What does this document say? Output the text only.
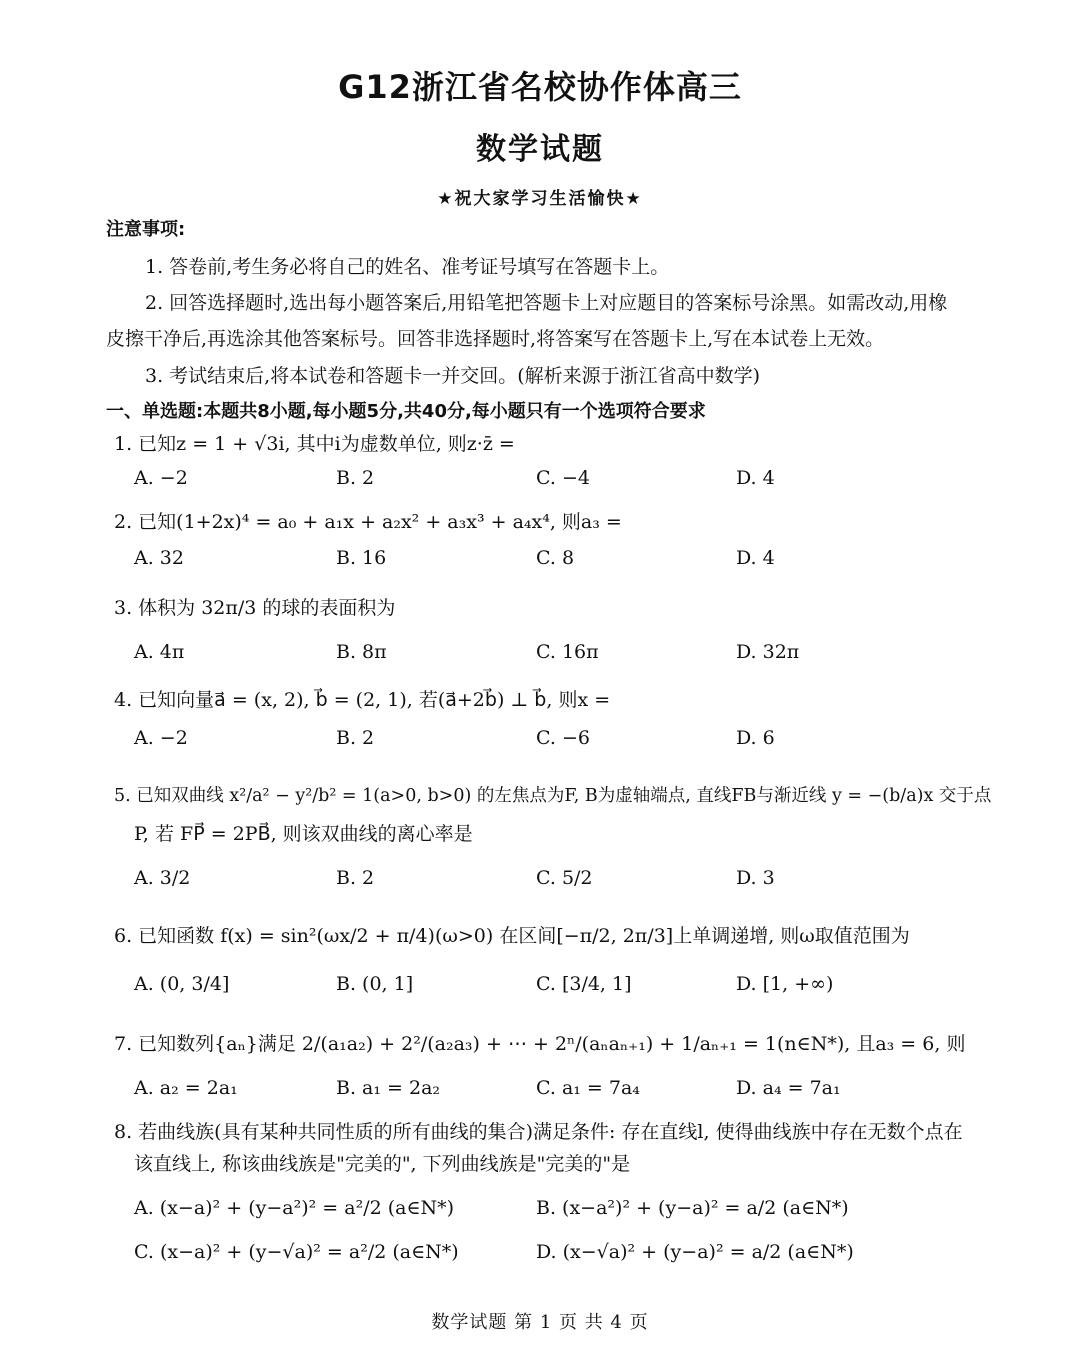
G12浙江省名校协作体高三
数学试题
★祝大家学习生活愉快★
注意事项:
1. 答卷前,考生务必将自己的姓名、准考证号填写在答题卡上。
2. 回答选择题时,选出每小题答案后,用铅笔把答题卡上对应题目的答案标号涂黑。如需改动,用橡
皮擦干净后,再选涂其他答案标号。回答非选择题时,将答案写在答题卡上,写在本试卷上无效。
3. 考试结束后,将本试卷和答题卡一并交回。(解析来源于浙江省高中数学)
一、单选题:本题共8小题,每小题5分,共40分,每小题只有一个选项符合要求
1. 已知z = 1 + √3i, 其中i为虚数单位, 则z·z̄ =
A. −2	B. 2	C. −4	D. 4
2. 已知(1+2x)⁴ = a₀ + a₁x + a₂x² + a₃x³ + a₄x⁴, 则a₃ =
A. 32	B. 16	C. 8	D. 4
3. 体积为 32π/3 的球的表面积为
A. 4π	B. 8π	C. 16π	D. 32π
4. 已知向量a⃗ = (x, 2), b⃗ = (2, 1), 若(a⃗+2b⃗) ⊥ b⃗, 则x =
A. −2	B. 2	C. −6	D. 6
5. 已知双曲线 x²/a² − y²/b² = 1(a>0, b>0) 的左焦点为F, B为虚轴端点, 直线FB与渐近线 y = −(b/a)x 交于点
P, 若 FP⃗ = 2PB⃗, 则该双曲线的离心率是
A. 3/2	B. 2	C. 5/2	D. 3
6. 已知函数 f(x) = sin²(ωx/2 + π/4)(ω>0) 在区间[−π/2, 2π/3]上单调递增, 则ω取值范围为
A. (0, 3/4]	B. (0, 1]	C. [3/4, 1]	D. [1, +∞)
7. 已知数列{aₙ}满足 2/(a₁a₂) + 2²/(a₂a₃) + ⋯ + 2ⁿ/(aₙaₙ₊₁) + 1/aₙ₊₁ = 1(n∈N*), 且a₃ = 6, 则
A. a₂ = 2a₁	B. a₁ = 2a₂	C. a₁ = 7a₄	D. a₄ = 7a₁
8. 若曲线族(具有某种共同性质的所有曲线的集合)满足条件: 存在直线l, 使得曲线族中存在无数个点在
该直线上, 称该曲线族是"完美的", 下列曲线族是"完美的"是
A. (x−a)² + (y−a²)² = a²/2 (a∈N*)	B. (x−a²)² + (y−a)² = a/2 (a∈N*)
C. (x−a)² + (y−√a)² = a²/2 (a∈N*)	D. (x−√a)² + (y−a)² = a/2 (a∈N*)
数学试题 第 1 页 共 4 页
